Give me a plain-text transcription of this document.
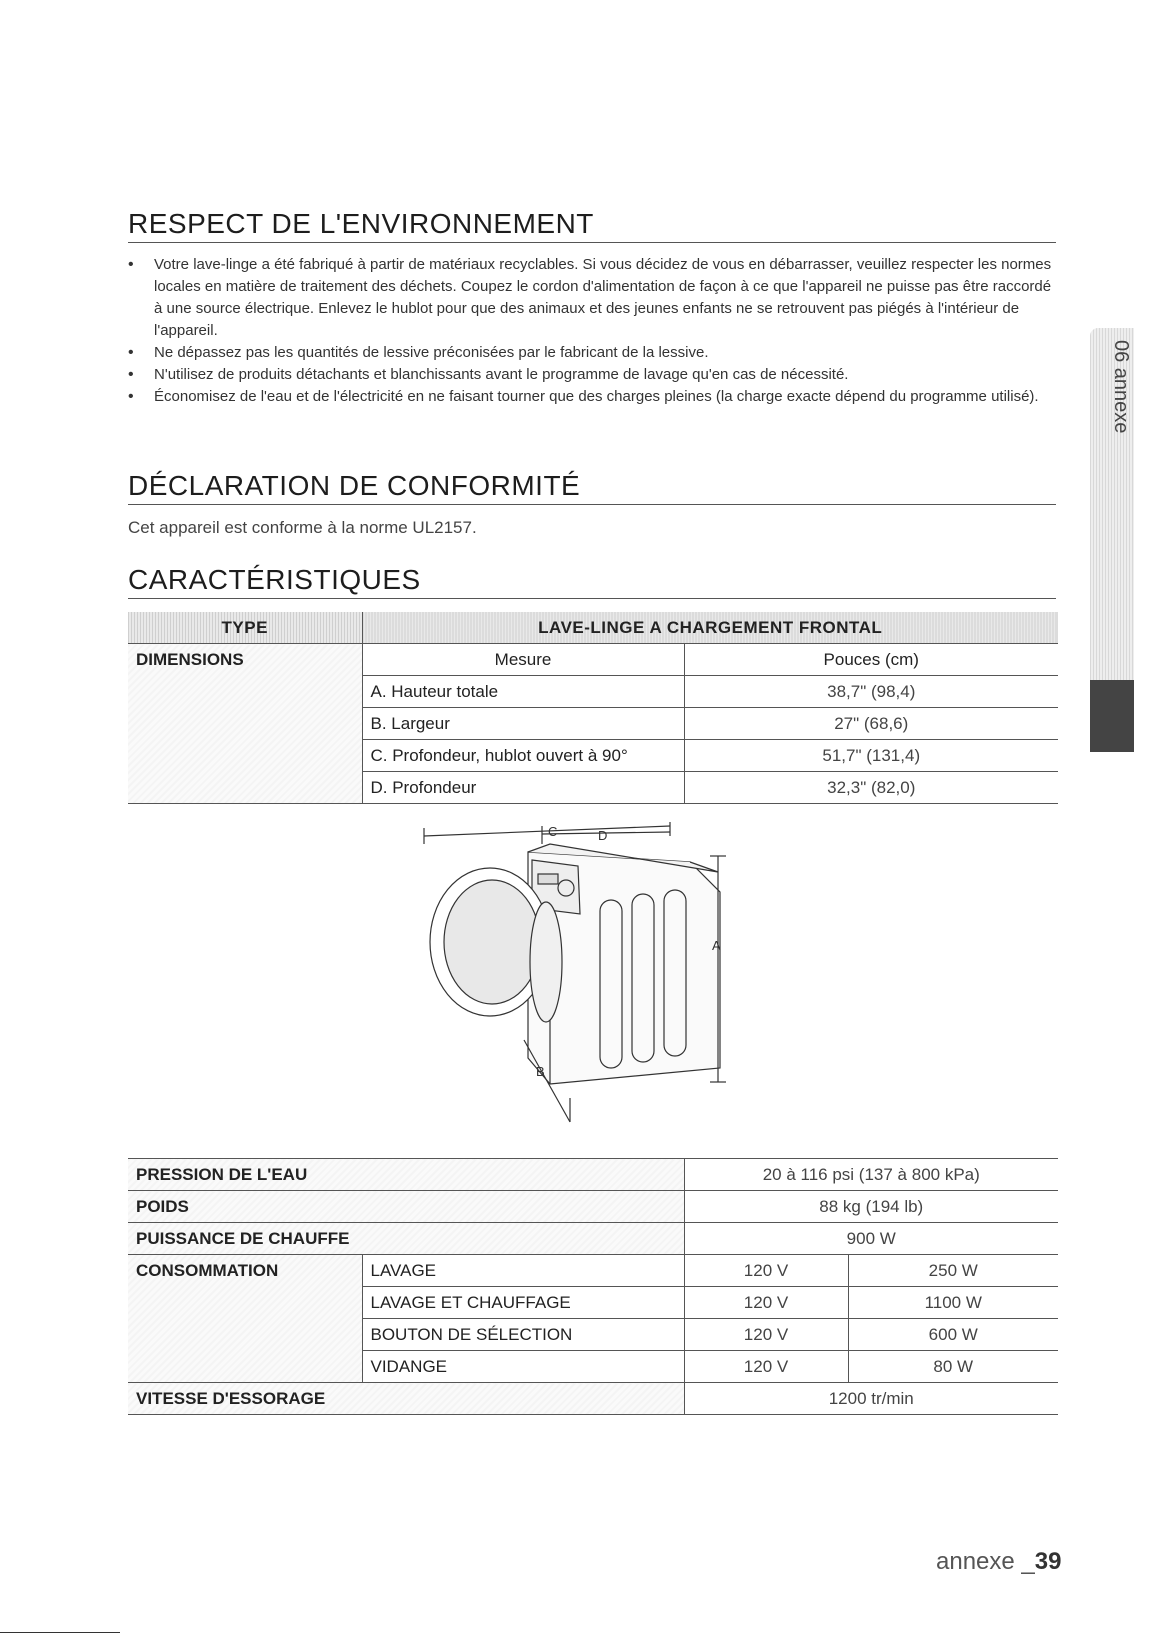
RESPECT DE L'ENVIRONNEMENT
• Votre lave-linge a été fabriqué à partir de matériaux recyclables. Si vous décidez de vous en débarrasser, veuillez respecter les normes locales en matière de traitement des déchets. Coupez le cordon d'alimentation de façon à ce que l'appareil ne puisse pas être raccordé à une source électrique. Enlevez le hublot pour que des animaux et des jeunes enfants ne se retrouvent pas piégés à l'intérieur de l'appareil.
• Ne dépassez pas les quantités de lessive préconisées par le fabricant de la lessive.
• N'utilisez de produits détachants et blanchissants avant le programme de lavage qu'en cas de nécessité.
• Économisez de l'eau et de l'électricité en ne faisant tourner que des charges pleines (la charge exacte dépend du programme utilisé).
DÉCLARATION DE CONFORMITÉ
Cet appareil est conforme à la norme UL2157.
CARACTÉRISTIQUES
06 annexe
TYPE	LAVE-LINGE A CHARGEMENT FRONTAL	
DIMENSIONS	Mesure	Pouces (cm)
	A. Hauteur totale	38,7" (98,4)
	B. Largeur	27" (68,6)
	C. Profondeur, hublot ouvert à 90°	51,7" (131,4)
	D. Profondeur	32,3" (82,0)
C	D
A
B
PRESSION DE L'EAU		20 à 116 psi (137 à 800 kPa)	
POIDS		88 kg (194 lb)	
PUISSANCE DE CHAUFFE		900 W	
CONSOMMATION	LAVAGE	120 V	250 W
	LAVAGE ET CHAUFFAGE	120 V	1100 W
	BOUTON DE SÉLECTION	120 V	600 W
	VIDANGE	120 V	80 W
VITESSE D'ESSORAGE		1200 tr/min	
annexe _39
